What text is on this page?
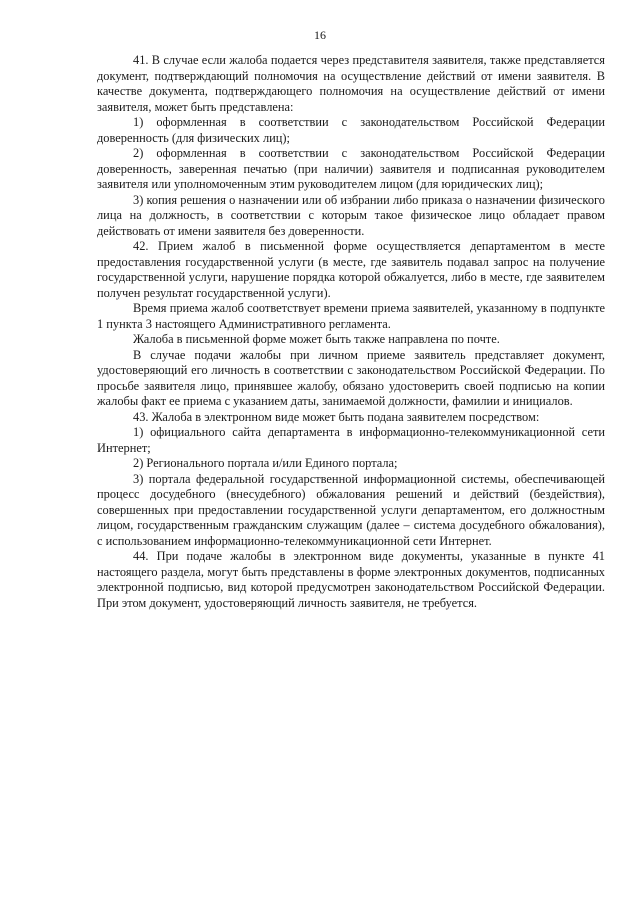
16

41. В случае если жалоба подается через представителя заявителя, также представляется документ, подтверждающий полномочия на осуществление действий от имени заявителя. В качестве документа, подтверждающего полномочия на осуществление действий от имени заявителя, может быть представлена:

1) оформленная в соответствии с законодательством Российской Федерации доверенность (для физических лиц);

2) оформленная в соответствии с законодательством Российской Федерации доверенность, заверенная печатью (при наличии) заявителя и подписанная руководителем заявителя или уполномоченным этим руководителем лицом (для юридических лиц);

3) копия решения о назначении или об избрании либо приказа о назначении физического лица на должность, в соответствии с которым такое физическое лицо обладает правом действовать от имени заявителя без доверенности.

42. Прием жалоб в письменной форме осуществляется департаментом в месте предоставления государственной услуги (в месте, где заявитель подавал запрос на получение государственной услуги, нарушение порядка которой обжалуется, либо в месте, где заявителем получен результат государственной услуги).

Время приема жалоб соответствует времени приема заявителей, указанному в подпункте 1 пункта 3 настоящего Административного регламента.

Жалоба в письменной форме может быть также направлена по почте.

В случае подачи жалобы при личном приеме заявитель представляет документ, удостоверяющий его личность в соответствии с законодательством Российской Федерации. По просьбе заявителя лицо, принявшее жалобу, обязано удостоверить своей подписью на копии жалобы факт ее приема с указанием даты, занимаемой должности, фамилии и инициалов.

43. Жалоба в электронном виде может быть подана заявителем посредством:

1) официального сайта департамента в информационно-телекоммуникационной сети Интернет;

2) Регионального портала и/или Единого портала;

3) портала федеральной государственной информационной системы, обеспечивающей процесс досудебного (внесудебного) обжалования решений и действий (бездействия), совершенных при предоставлении государственной услуги департаментом, его должностным лицом, государственным гражданским служащим (далее – система досудебного обжалования), с использованием информационно-телекоммуникационной сети Интернет.

44. При подаче жалобы в электронном виде документы, указанные в пункте 41 настоящего раздела, могут быть представлены в форме электронных документов, подписанных электронной подписью, вид которой предусмотрен законодательством Российской Федерации. При этом документ, удостоверяющий личность заявителя, не требуется.
